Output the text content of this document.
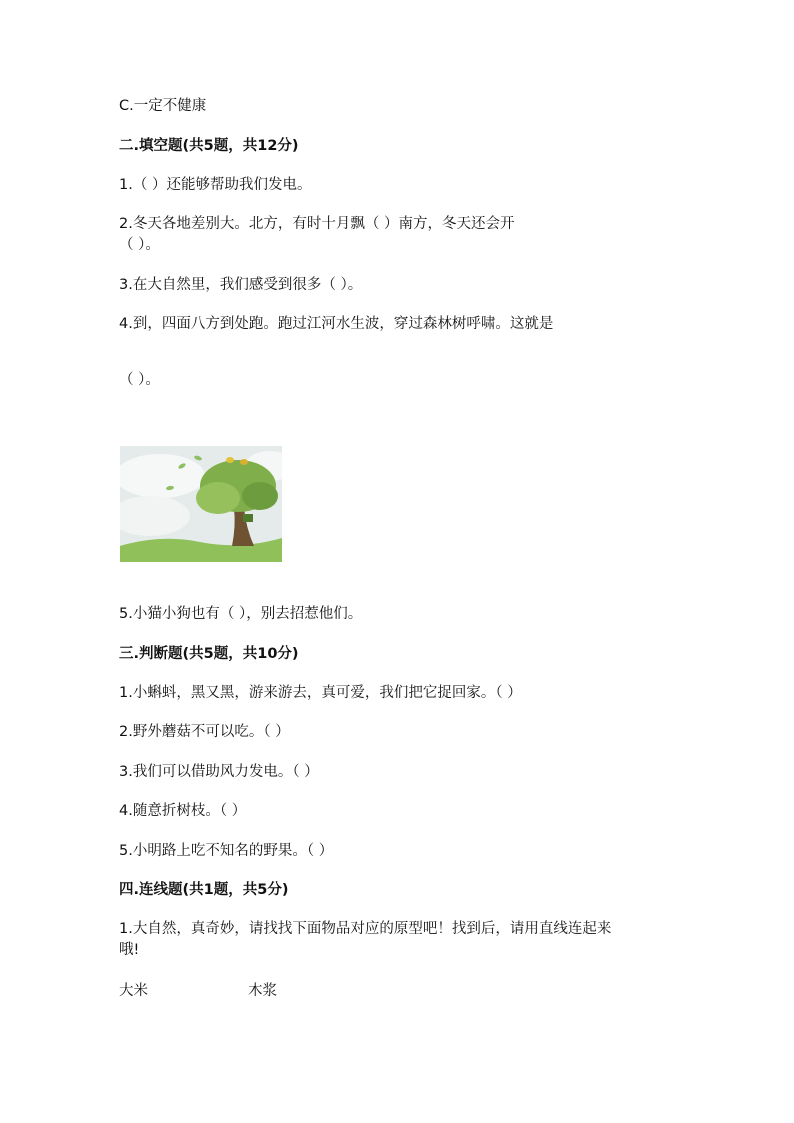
C.一定不健康
二.填空题(共5题，共12分)
1.（ ）还能够帮助我们发电。
2.冬天各地差别大。北方，有时十月飘（ ）南方，冬天还会开
（ ）。
3.在大自然里，我们感受到很多（ ）。
4.到，四面八方到处跑。跑过江河水生波，穿过森林树呼啸。这就是
（ ）。
5.小猫小狗也有（ ），别去招惹他们。
三.判断题(共5题，共10分)
1.小蝌蚪，黑又黑，游来游去，真可爱，我们把它捉回家。（ ）
2.野外蘑菇不可以吃。（ ）
3.我们可以借助风力发电。（ ）
4.随意折树枝。（ ）
5.小明路上吃不知名的野果。（ ）
四.连线题(共1题，共5分)
1.大自然，真奇妙，请找找下面物品对应的原型吧！找到后，请用直线连起来
哦!
大米	木浆
